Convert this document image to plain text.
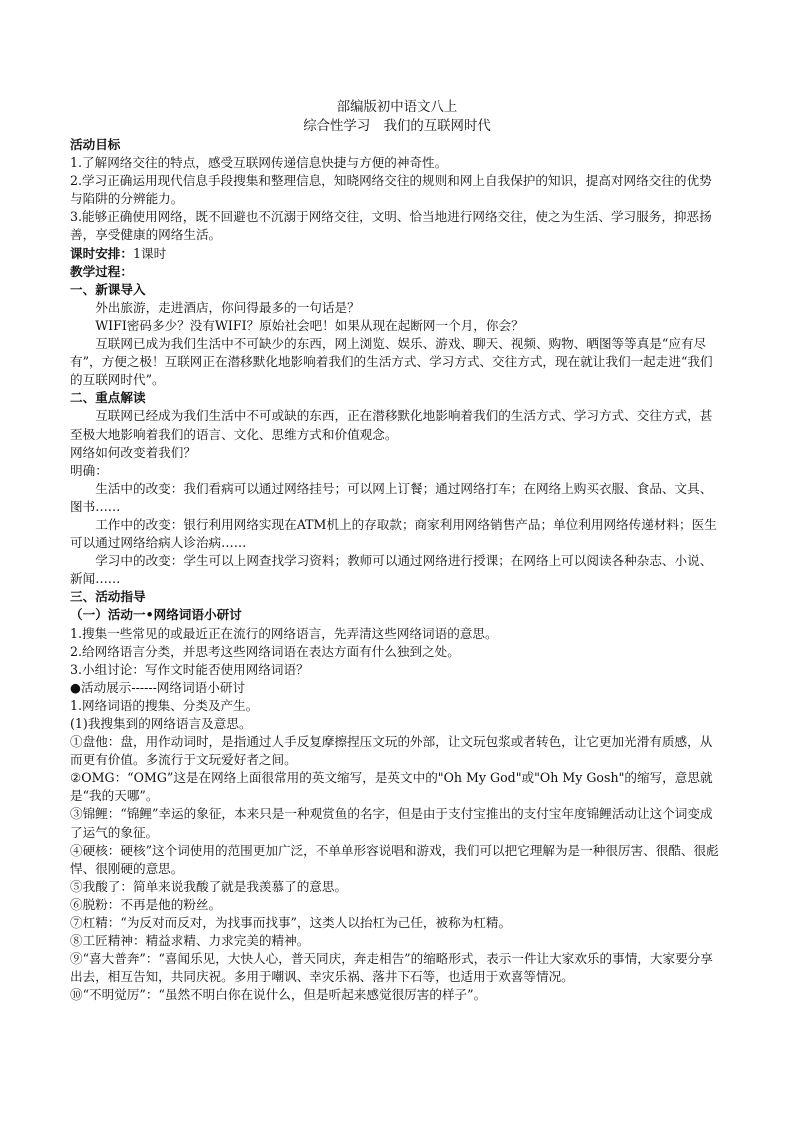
部编版初中语文八上
综合性学习　我们的互联网时代
活动目标
1.了解网络交往的特点，感受互联网传递信息快捷与方便的神奇性。
2.学习正确运用现代信息手段搜集和整理信息，知晓网络交往的规则和网上自我保护的知识，提高对网络交往的优势与陷阱的分辨能力。
3.能够正确使用网络，既不回避也不沉溺于网络交往，文明、恰当地进行网络交往，使之为生活、学习服务，抑恶扬善，享受健康的网络生活。
课时安排：1课时
教学过程：
一、新课导入
外出旅游，走进酒店，你问得最多的一句话是？
WIFI密码多少？没有WIFI？原始社会吧！如果从现在起断网一个月，你会？
互联网已成为我们生活中不可缺少的东西，网上浏览、娱乐、游戏、聊天、视频、购物、晒图等等真是“应有尽有”，方便之极！互联网正在潜移默化地影响着我们的生活方式、学习方式、交往方式，现在就让我们一起走进“我们的互联网时代”。
二、重点解读
互联网已经成为我们生活中不可或缺的东西，正在潜移默化地影响着我们的生活方式、学习方式、交往方式，甚至极大地影响着我们的语言、文化、思维方式和价值观念。
网络如何改变着我们？
明确：
生活中的改变：我们看病可以通过网络挂号；可以网上订餐；通过网络打车；在网络上购买衣服、食品、文具、图书……
工作中的改变：银行利用网络实现在ATM机上的存取款；商家利用网络销售产品；单位利用网络传递材料；医生可以通过网络给病人诊治病……
学习中的改变：学生可以上网查找学习资料；教师可以通过网络进行授课；在网络上可以阅读各种杂志、小说、新闻……
三、活动指导
（一）活动一•网络词语小研讨
1.搜集一些常见的或最近正在流行的网络语言，先弄清这些网络词语的意思。
2.给网络语言分类，并思考这些网络词语在表达方面有什么独到之处。
3.小组讨论：写作文时能否使用网络词语？
●活动展示------网络词语小研讨
1.网络词语的搜集、分类及产生。
(1)我搜集到的网络语言及意思。
①盘他：盘，用作动词时，是指通过人手反复摩擦捏压文玩的外部，让文玩包浆或者转色，让它更加光滑有质感，从而更有价值。多流行于文玩爱好者之间。
②OMG：“OMG”这是在网络上面很常用的英文缩写，是英文中的"Oh My God"或"Oh My Gosh"的缩写，意思就是“我的天哪”。
③锦鲤：“锦鲤”幸运的象征，本来只是一种观赏鱼的名字，但是由于支付宝推出的支付宝年度锦鲤活动让这个词变成了运气的象征。
④硬核：硬核”这个词使用的范围更加广泛，不单单形容说唱和游戏，我们可以把它理解为是一种很厉害、很酷、很彪悍、很刚硬的意思。
⑤我酸了：简单来说我酸了就是我羡慕了的意思。
⑥脱粉：不再是他的粉丝。
⑦杠精：“为反对而反对，为找事而找事”，这类人以抬杠为己任，被称为杠精。
⑧工匠精神：精益求精、力求完美的精神。
⑨“喜大普奔”：“喜闻乐见，大快人心，普天同庆，奔走相告”的缩略形式，表示一件让大家欢乐的事情，大家要分享出去，相互告知，共同庆祝。多用于嘲讽、幸灾乐祸、落井下石等，也适用于欢喜等情况。
⑩“不明觉厉”：“虽然不明白你在说什么，但是听起来感觉很厉害的样子”。
